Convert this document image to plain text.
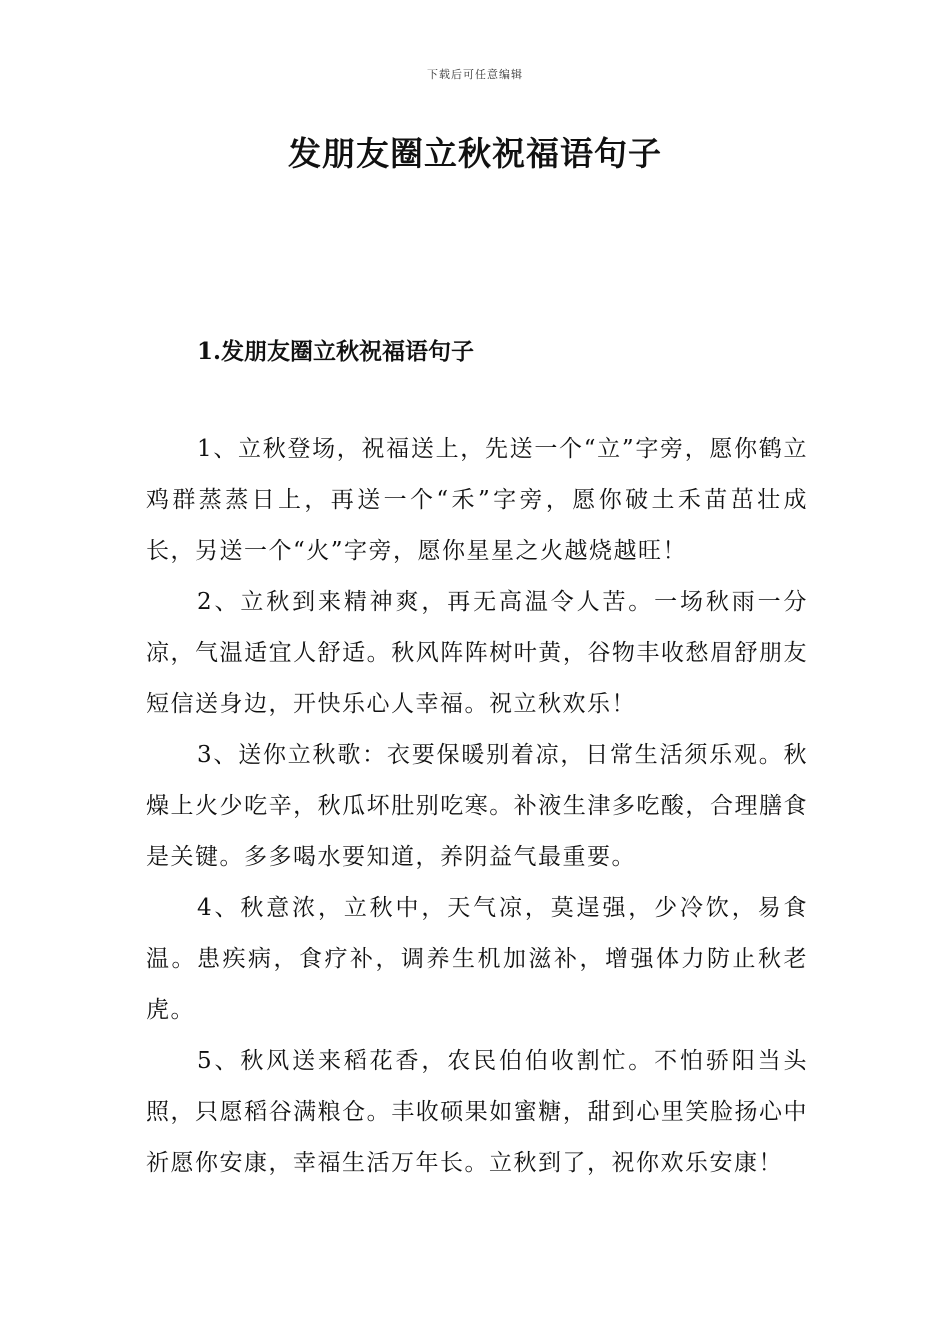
下载后可任意编辑
发朋友圈立秋祝福语句子
1.发朋友圈立秋祝福语句子

1、立秋登场，祝福送上，先送一个“立”字旁，愿你鹤立鸡群蒸蒸日上，再送一个“禾”字旁，愿你破土禾苗茁壮成长，另送一个“火”字旁，愿你星星之火越烧越旺！

2、立秋到来精神爽，再无高温令人苦。一场秋雨一分凉，气温适宜人舒适。秋风阵阵树叶黄，谷物丰收愁眉舒朋友短信送身边，开快乐心人幸福。祝立秋欢乐！

3、送你立秋歌：衣要保暖别着凉，日常生活须乐观。秋燥上火少吃辛，秋瓜坏肚别吃寒。补液生津多吃酸，合理膳食是关键。多多喝水要知道，养阴益气最重要。

4、秋意浓，立秋中，天气凉，莫逞强，少冷饮，易食温。患疾病，食疗补，调养生机加滋补，增强体力防止秋老虎。

5、秋风送来稻花香，农民伯伯收割忙。不怕骄阳当头照，只愿稻谷满粮仓。丰收硕果如蜜糖，甜到心里笑脸扬心中祈愿你安康，幸福生活万年长。立秋到了，祝你欢乐安康！
